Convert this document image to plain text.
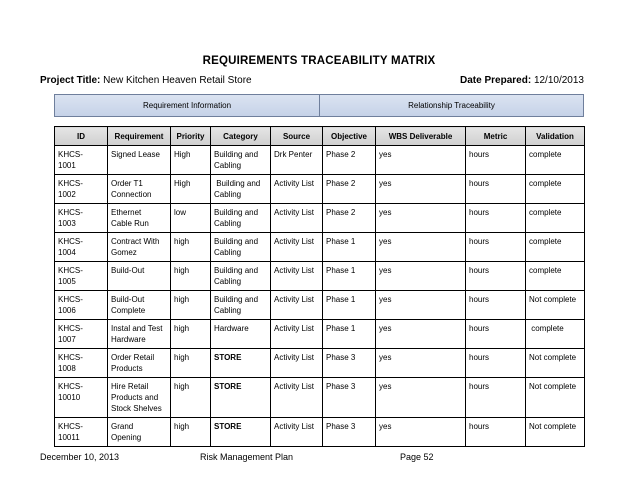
REQUIREMENTS TRACEABILITY MATRIX
Project Title: New Kitchen Heaven Retail Store	Date Prepared: 12/10/2013
Requirement Information	Relationship Traceability
ID	Requirement	Priority	Category	Source	Objective	WBS Deliverable	Metric	Validation
KHCS-
1001	Signed Lease	High	Building and
Cabling	Drk Penter	Phase 2	yes	hours	complete
KHCS-
1002	Order T1
Connection	High	Building and
Cabling	Activity List	Phase 2	yes	hours	complete
KHCS-
1003	Ethernet
Cable Run	low	Building and
Cabling	Activity List	Phase 2	yes	hours	complete
KHCS-
1004	Contract With
Gomez	high	Building and
Cabling	Activity List	Phase 1	yes	hours	complete
KHCS-
1005	Build-Out	high	Building and
Cabling	Activity List	Phase 1	yes	hours	complete
KHCS-
1006	Build-Out
Complete	high	Building and
Cabling	Activity List	Phase 1	yes	hours	Not complete
KHCS-
1007	Instal and Test
Hardware	high	Hardware	Activity List	Phase 1	yes	hours	complete
KHCS-
1008	Order Retail
Products	high	STORE	Activity List	Phase 3	yes	hours	Not complete
KHCS-
10010	Hire Retail
Products and
Stock Shelves	high	STORE	Activity List	Phase 3	yes	hours	Not complete
KHCS-
10011	Grand
Opening	high	STORE	Activity List	Phase 3	yes	hours	Not complete
December 10, 2013	Risk Management Plan	Page 52
